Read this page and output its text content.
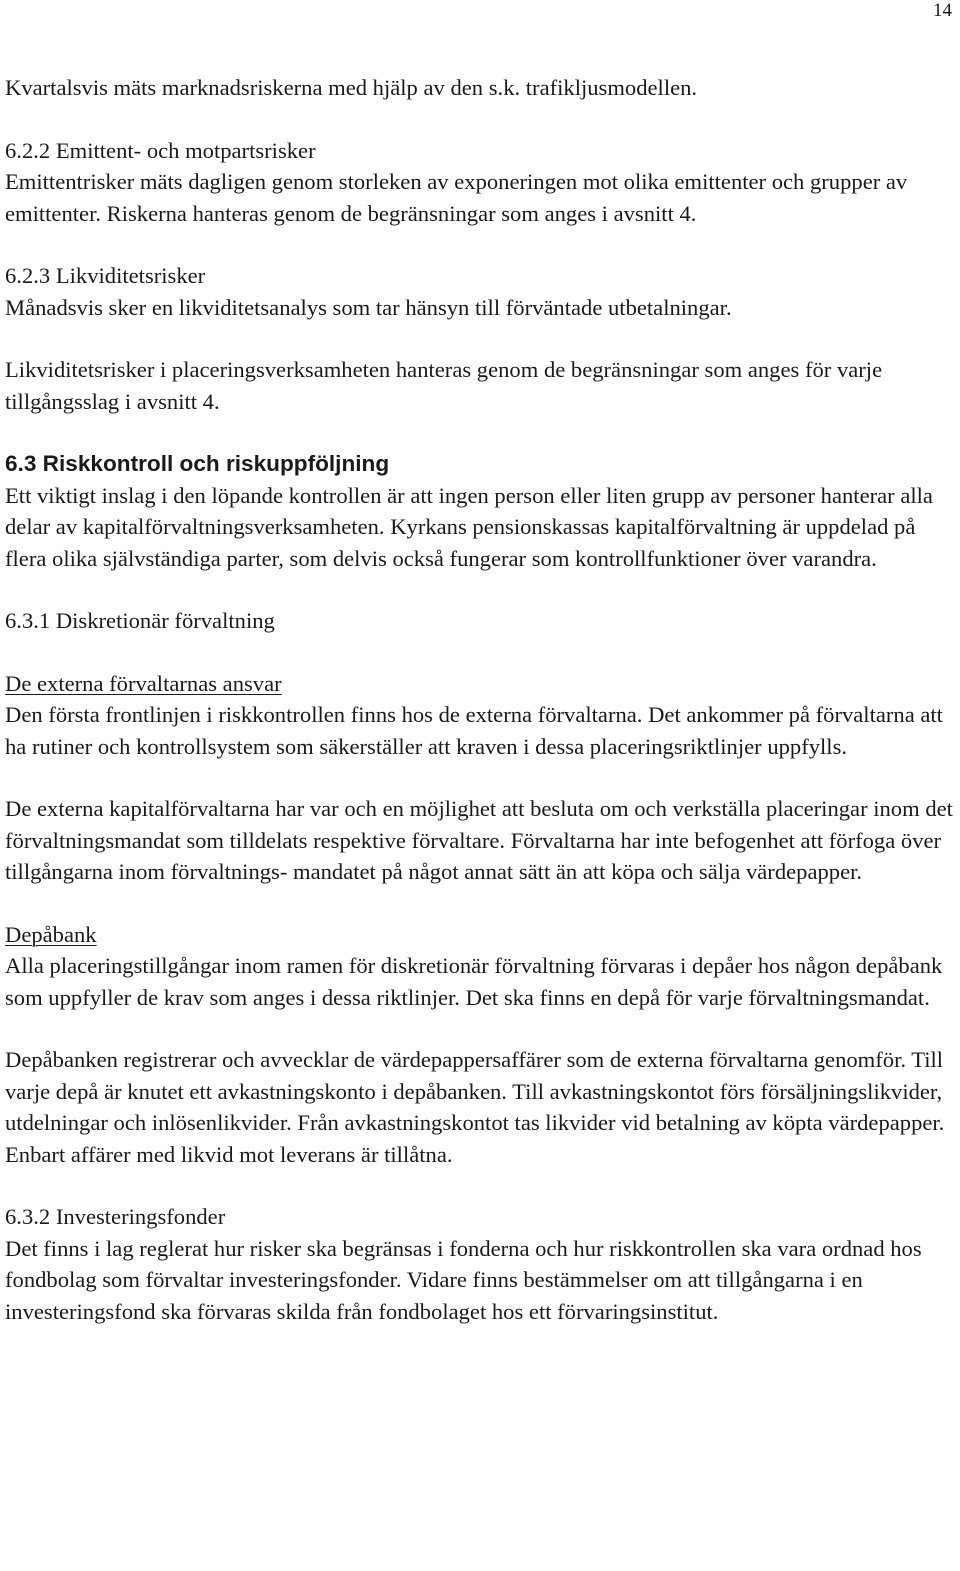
14

Kvartalsvis mäts marknadsriskerna med hjälp av den s.k. trafikljusmodellen.

6.2.2 Emittent- och motpartsrisker

Emittentrisker mäts dagligen genom storleken av exponeringen mot olika emittenter och grupper av emittenter. Riskerna hanteras genom de begränsningar som anges i avsnitt 4.

6.2.3 Likviditetsrisker

Månadsvis sker en likviditetsanalys som tar hänsyn till förväntade utbetalningar.

Likviditetsrisker i placeringsverksamheten hanteras genom de begränsningar som anges för varje tillgångsslag i avsnitt 4.

6.3 Riskkontroll och riskuppföljning

Ett viktigt inslag i den löpande kontrollen är att ingen person eller liten grupp av personer hanterar alla delar av kapitalförvaltningsverksamheten. Kyrkans pensionskassas kapitalförvaltning är uppdelad på flera olika självständiga parter, som delvis också fungerar som kontrollfunktioner över varandra.

6.3.1 Diskretionär förvaltning

De externa förvaltarnas ansvar

Den första frontlinjen i riskkontrollen finns hos de externa förvaltarna. Det ankommer på förvaltarna att ha rutiner och kontrollsystem som säkerställer att kraven i dessa placeringsriktlinjer uppfylls.

De externa kapitalförvaltarna har var och en möjlighet att besluta om och verkställa placeringar inom det förvaltningsmandat som tilldelats respektive förvaltare. Förvaltarna har inte befogenhet att förfoga över tillgångarna inom förvaltnings- mandatet på något annat sätt än att köpa och sälja värdepapper.

Depåbank

Alla placeringstillgångar inom ramen för diskretionär förvaltning förvaras i depåer hos någon depåbank som uppfyller de krav som anges i dessa riktlinjer. Det ska finns en depå för varje förvaltningsmandat.

Depåbanken registrerar och avvecklar de värdepappersaffärer som de externa förvaltarna genomför. Till varje depå är knutet ett avkastningskonto i depåbanken. Till avkastningskontot förs försäljningslikvider, utdelningar och inlösenlikvider. Från avkastningskontot tas likvider vid betalning av köpta värdepapper. Enbart affärer med likvid mot leverans är tillåtna.

6.3.2 Investeringsfonder

Det finns i lag reglerat hur risker ska begränsas i fonderna och hur riskkontrollen ska vara ordnad hos fondbolag som förvaltar investeringsfonder. Vidare finns bestämmelser om att tillgångarna i en investeringsfond ska förvaras skilda från fondbolaget hos ett förvaringsinstitut.
